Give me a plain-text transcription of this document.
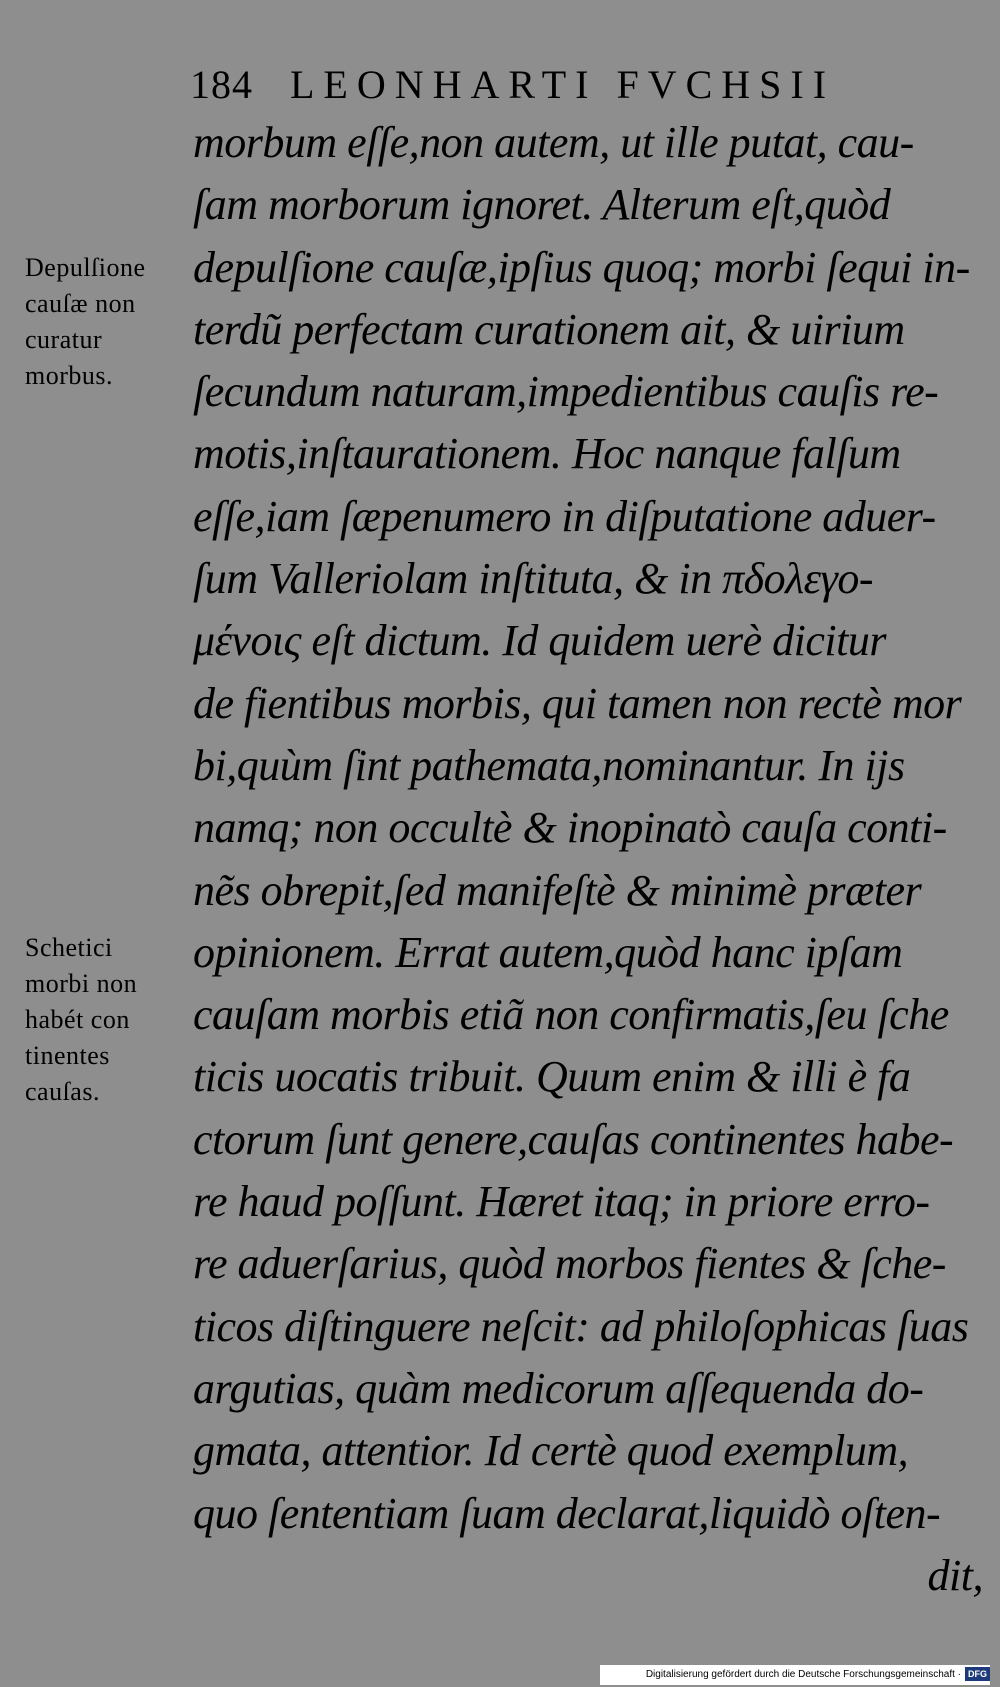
184 LEONHARTI FVCHSII
morbum eſſe,non autem, ut ille putat, cau-
ſam morborum ignoret. Alterum eſt,quòd
depulſione cauſæ,ipſius quoq; morbi ſequi in-
terdũ perfectam curationem ait, & uirium
ſecundum naturam,impedientibus cauſis re-
motis,inſtaurationem. Hoc nanque falſum
eſſe,iam ſæpenumero in diſputatione aduer-
ſum Valleriolam inſtituta, & in πδολεγο-
μένοις eſt dictum. Id quidem uerè dicitur
de fientibus morbis, qui tamen non rectè mor
bi,quùm ſint pathemata,nominantur. In ijs
namq; non occultè & inopinatò cauſa conti-
nẽs obrepit,ſed manifeſtè & minimè præter
opinionem. Errat autem,quòd hanc ipſam
cauſam morbis etiã non confirmatis,ſeu ſche
ticis uocatis tribuit. Quum enim & illi è fa
ctorum ſunt genere,cauſas continentes habe-
re haud poſſunt. Hæret itaq; in priore erro-
re aduerſarius, quòd morbos fientes & ſche-
ticos diſtinguere neſcit: ad philoſophicas ſuas
argutias, quàm medicorum aſſequenda do-
gmata, attentior. Id certè quod exemplum,
quo ſententiam ſuam declarat,liquidò oſten-
dit,
Depulſione
cauſæ non
curatur
morbus.
Schetici
morbi non
habét con
tinentes
cauſas.
Digitalisierung gefördert durch die Deutsche Forschungsgemeinschaft · DFG
